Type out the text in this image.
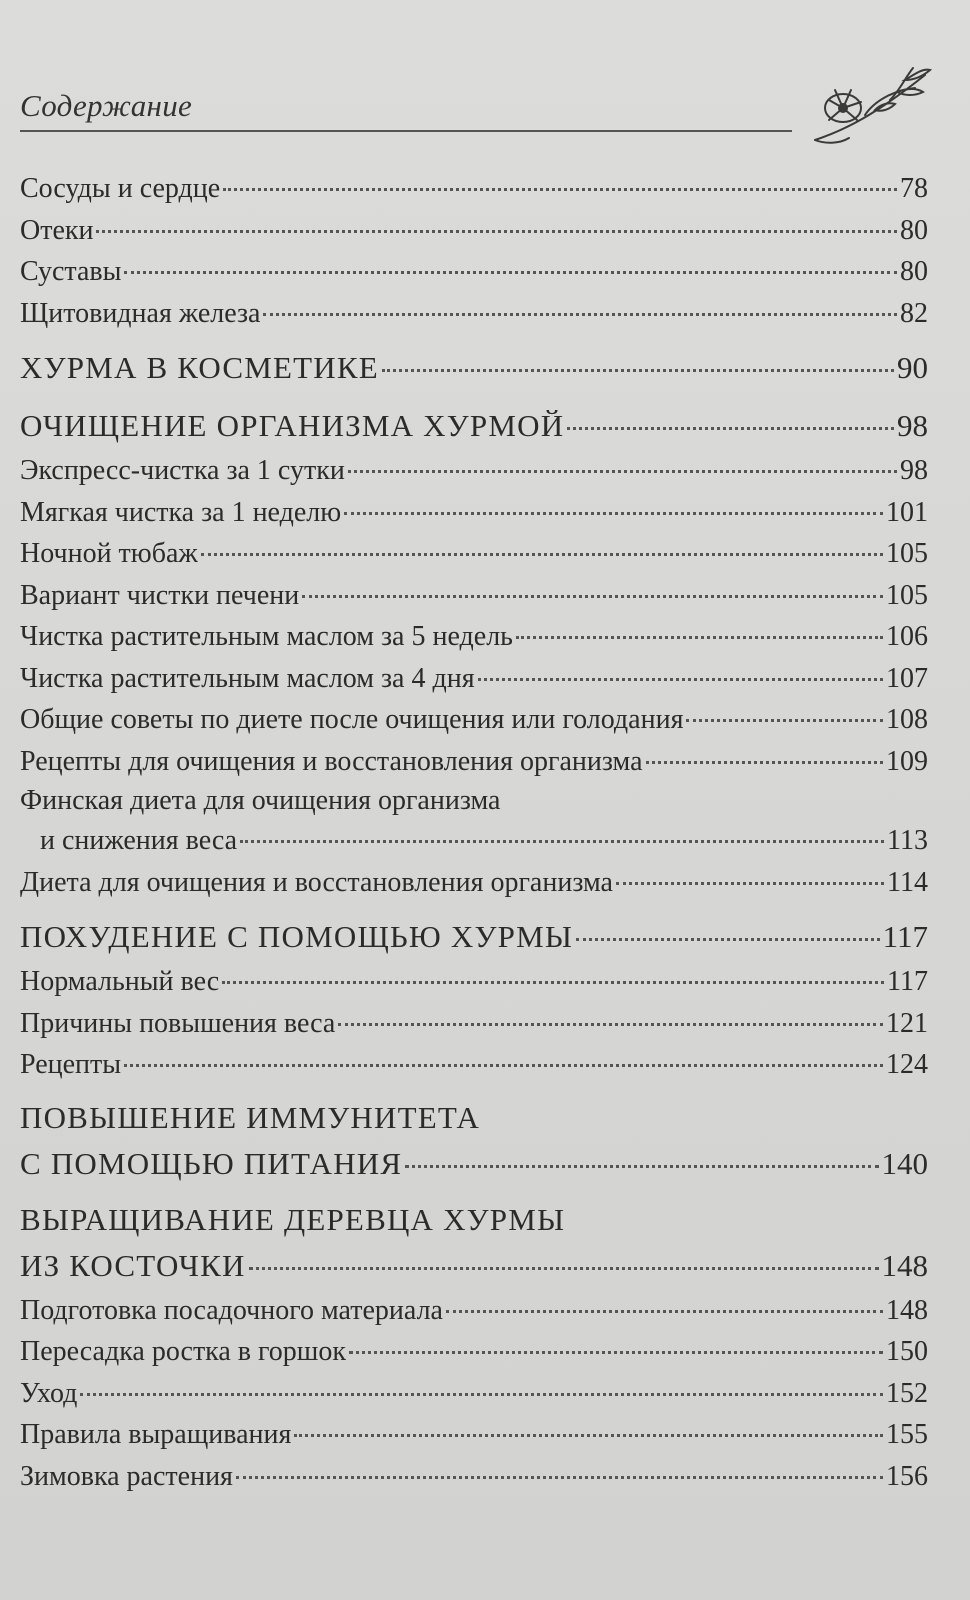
Содержание
Сосуды и сердце	78
Отеки	80
Суставы	80
Щитовидная железа	82
ХУРМА В КОСМЕТИКЕ	90
ОЧИЩЕНИЕ ОРГАНИЗМА ХУРМОЙ	98
Экспресс-чистка за 1 сутки	98
Мягкая чистка за 1 неделю	101
Ночной тюбаж	105
Вариант чистки печени	105
Чистка растительным маслом за 5 недель	106
Чистка растительным маслом за 4 дня	107
Общие советы по диете после очищения или голодания	108
Рецепты для очищения и восстановления организма	109
Финская диета для очищения организма
и снижения веса	113
Диета для очищения и восстановления организма	114
ПОХУДЕНИЕ С ПОМОЩЬЮ ХУРМЫ	117
Нормальный вес	117
Причины повышения веса	121
Рецепты	124
ПОВЫШЕНИЕ ИММУНИТЕТА
С ПОМОЩЬЮ ПИТАНИЯ	140
ВЫРАЩИВАНИЕ ДЕРЕВЦА ХУРМЫ
ИЗ КОСТОЧКИ	148
Подготовка посадочного материала	148
Пересадка ростка в горшок	150
Уход	152
Правила выращивания	155
Зимовка растения	156
